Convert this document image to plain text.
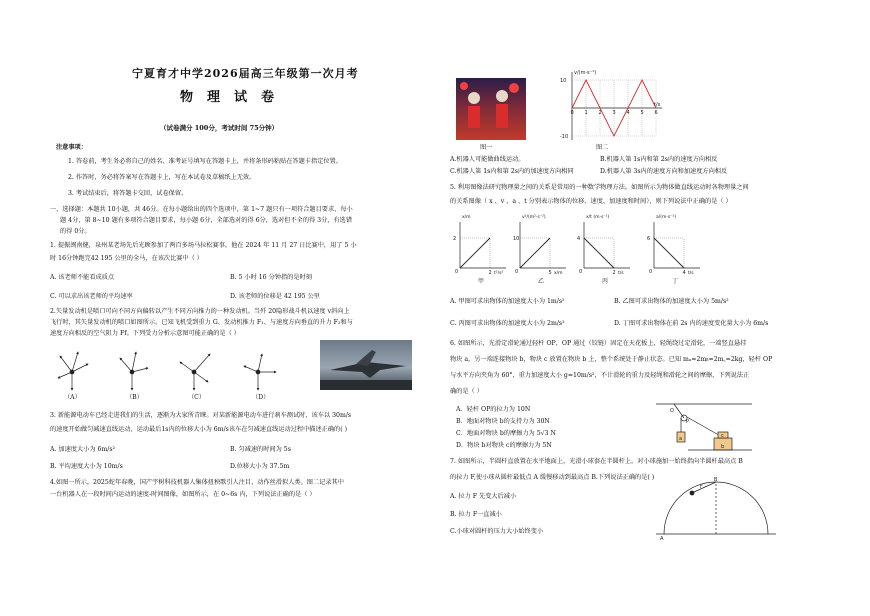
宁夏育才中学2026届高三年级第一次月考
物理试卷
（试卷满分 100分，考试时间 75分钟）
注意事项：
1. 答卷前，考生务必将自己的姓名、准考证号填写在答题卡上，并将条形码粘贴在答题卡指定位置。
2. 作答时，务必将答案写在答题卡上，写在本试卷及草稿纸上无效。
3. 考试结束后，将答题卡交回，试卷保留。
一、选择题：本题共 10小题，共 46分。在每小题给出的四个选项中，第 1~7 题只有一项符合题目要求，每小
题 4分，第 8~10 题有多项符合题目要求，每小题 6分，全部选对的得 6分，选对但不全的得 3分，有选错
的得 0分。
1. 提振闽南健，泉州某老场先后光顾参加了两百多场马拉松赛事。他在 2024 年 11 月 27 日比赛中，用了 5 小
时 16分钟跑完42 195 公里的全马，在该次比赛中（ ）
A. 该老师不能看成质点	B. 5 小时 16 分钟指的是时刻
C. 可以求出该老师的平均速率	D. 该老师的位移是 42 195 公里
2.矢量发动机是喷口可向不同方向偏转以产生不同方向推力的一种发动机。当歼 20隐形战斗机以速度 v斜向上
飞行时，其矢量发动机的喷口如图所示。已知飞机受到重力 G、发动机推力 F₁、与速度方向垂直的升力 F₂和与
速度方向相反的空气阻力 Ff。下列受力分析示意图可能正确的是（ ）
（A）	（B）	（C）	（D）
3. 新能源电动车已经走进我们的生活，逐渐为大家所青睐。对某新能源电动车进行刹车测试时，该车以 30m/s
的速度开始做匀减速直线运动，运动最后1s内的位移大小为 6m/s该车在匀减速直线运动过程中描述正确的( )
A. 加速度大小为 6m/s²	B. 匀减速的时间为 5s
B. 平均速度大小为 10m/s	D.位移大小为 37.5m
4.如图一所示，2025蛇年春晚，国产宇树科技机器人集体扭秧歌引人注目，动作丝滑拟人类。图二记录其中
一台机器人在一段时间内运动的速度-时间图像，如图所示，在 0~6s 内，下列说法正确的是（ ）
图一
0 1 2 3 4 5 6
-10
10
v/(m·s⁻¹)
t/s
图二
A.机器人可能做曲线运动。	B.机器人第 1s内和第 2s内的速度方向相反
C.机器人第 1s内和第 2s内的加速度方向相同	D.机器人第 3s内的速度方向和加速度方向相反
5. 利用图像法研究物理量之间的关系是常用的一种数学物理方法。如图所示为物体做直线运动时各物理量之间
的关系图像（ x 、v 、a 、t 分别表示物体的位移、速度、加速度和时间），则下列说法中正确的是（ ）
2
2
0
x/m
t²/s²
甲
5
10
0
v²/(m²·s⁻²)
x/m
乙
2
4
0
x/t (m·s⁻¹)
t/s
丙
4
6
0
a/(m·s⁻²)
t/s
丁
A. 甲图可求出物体的加速度大小为 1m/s²	B. 乙图可求出物体的加速度大小为 5m/s²
C. 丙图可求出物体的加速度大小为 2m/s²	D. 丁图可求出物体在前 2s 内的速度变化量大小为 6m/s
6. 如图所示，光滑定滑轮通过轻杆 OP，OP 通过（铰链）固定在天花板上，轻绳绕过定滑轮，一端竖直悬挂
物块 a，另一端连接物块 b，物块 c 放置在物块 b 上，整个系统处于静止状态。已知 mₐ=2mᵦ=2m꜀=2kg，轻杆 OP
与水平方向夹角为 60°，重力加速度大小 g=10m/s²，不计滑轮的重力及轻绳和滑轮之间的摩擦，下列说法正
确的是（ ）
A．轻杆 OP的拉力为 10N
B．地面对物块 b的支持力为 30N
C．地面对物块 b的摩擦力为 5√3 N
D．物块 b对物块 c的摩擦力为 5N
O
P
a	c
b
7. 如图所示，半圆杆直放置在水平地面上，光滑小球套在半圆杆上。对小球施加一始终指向半圆杆最高点 B
的拉力 F,使小球从圆杆最低点 A 缓慢移动到最高点 B.下列说法正确的是( )
A. 拉力 F 先变大后减小
B. 拉力 F一直减小
C.小球对圆杆的压力大小始终变小
B
A
F
